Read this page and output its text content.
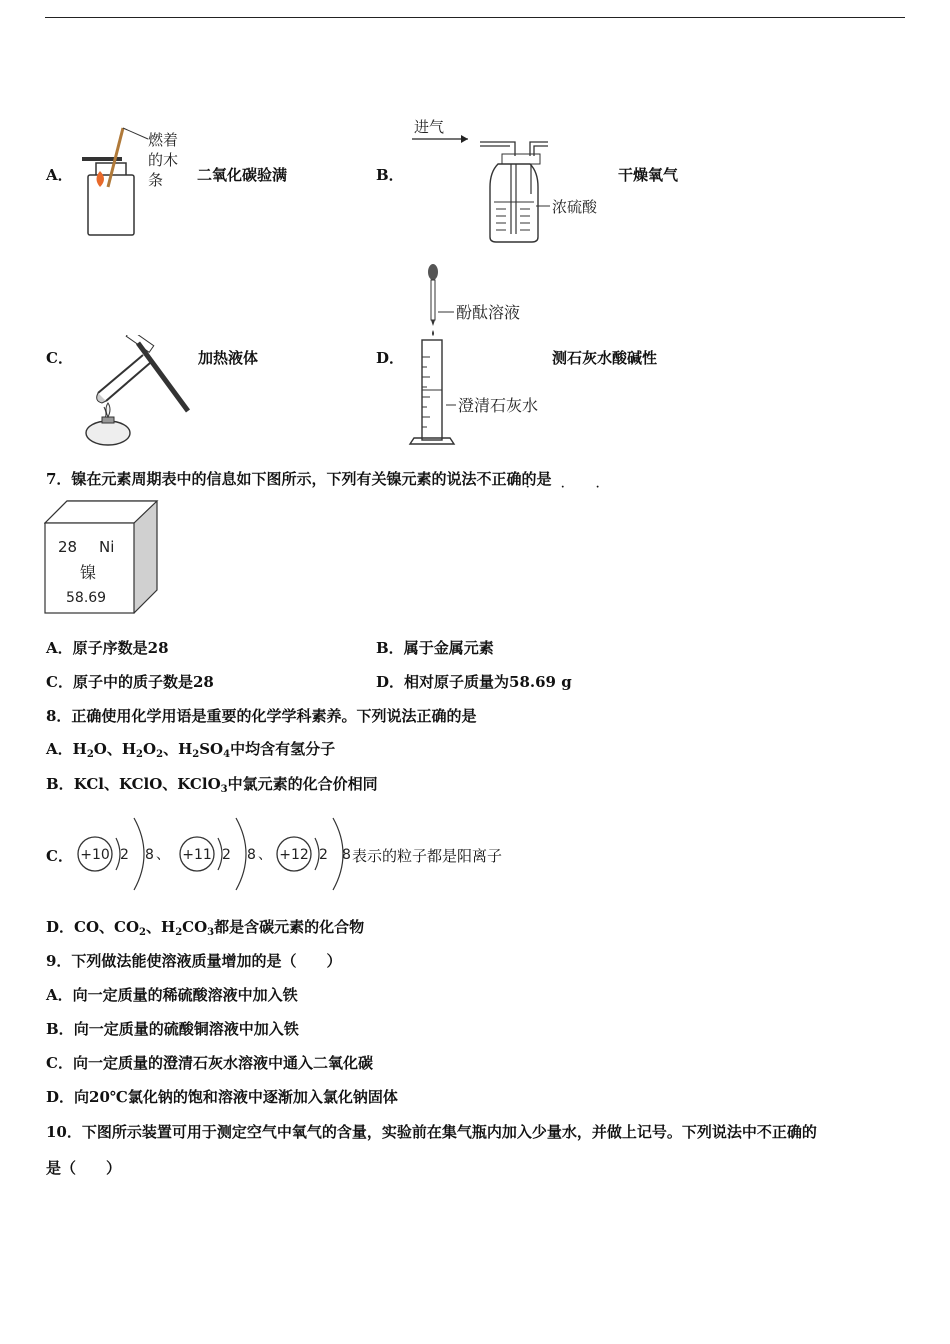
A．
燃着
的木
条 二氧化碳验满	B．
进气
浓硫酸
干燥氧气
C．	加热液体	D．
酚酞溶液
澄清石灰水
测石灰水酸碱性
7．镍在元素周期表中的信息如下图所示，下列有关镍元素的说法不正确的是
· · ·
28 Ni
镍
58.69
A．原子序数是28	B．属于金属元素
C．原子中的质子数是28	D．相对原子质量为58.69 g
8．正确使用化学用语是重要的化学学科素养。下列说法正确的是
A．$H_2O$、$H_2O_2$、$H_2SO_4$中均含有氢分子
B．KCl、KClO、KClO$_3$中氯元素的化合价相同
C． +10 2 8 、 +11 2 8 、 +12 2 8 表示的粒子都是阳离子
D．CO、$CO_2$、$H_2CO_3$都是含碳元素的化合物
9．下列做法能使溶液质量增加的是（　　）
A．向一定质量的稀硫酸溶液中加入铁
B．向一定质量的硫酸铜溶液中加入铁
C．向一定质量的澄清石灰水溶液中通入二氧化碳
D．向20℃氯化钠的饱和溶液中逐渐加入氯化钠固体
10．下图所示装置可用于测定空气中氧气的含量，实验前在集气瓶内加入少量水，并做上记号。下列说法中不正确的
是（　　）
